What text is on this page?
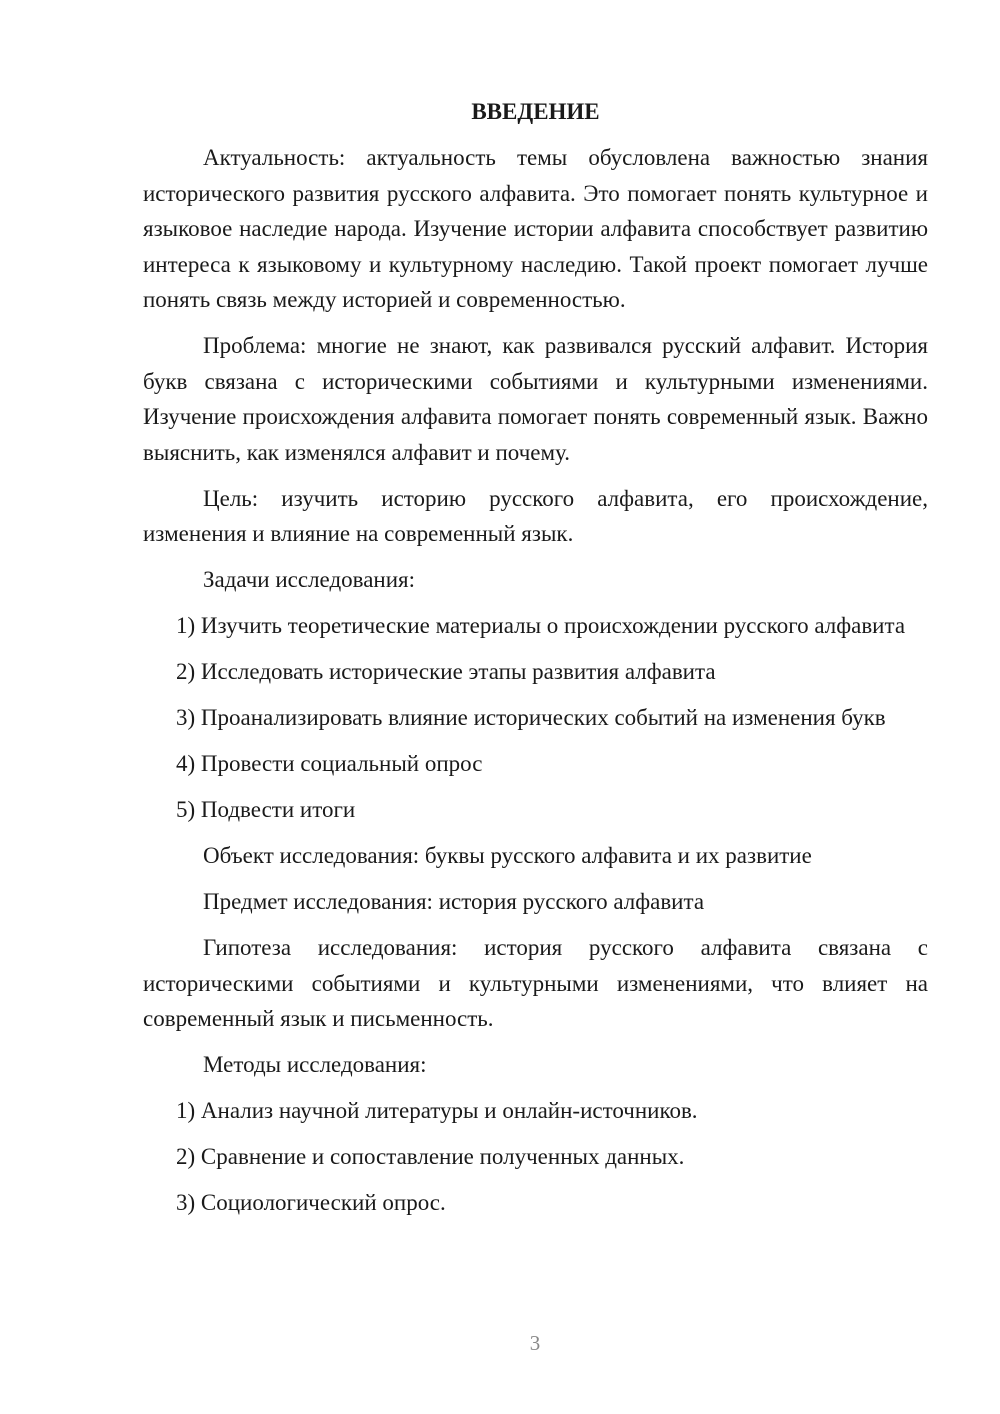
ВВЕДЕНИЕ

Актуальность: актуальность темы обусловлена важностью знания исторического развития русского алфавита. Это помогает понять культурное и языковое наследие народа. Изучение истории алфавита способствует развитию интереса к языковому и культурному наследию. Такой проект помогает лучше понять связь между историей и современностью.

Проблема: многие не знают, как развивался русский алфавит. История букв связана с историческими событиями и культурными изменениями. Изучение происхождения алфавита помогает понять современный язык. Важно выяснить, как изменялся алфавит и почему.

Цель: изучить историю русского алфавита, его происхождение, изменения и влияние на современный язык.

Задачи исследования:

1) Изучить теоретические материалы о происхождении русского алфавита

2) Исследовать исторические этапы развития алфавита

3) Проанализировать влияние исторических событий на изменения букв

4) Провести социальный опрос

5) Подвести итоги

Объект исследования: буквы русского алфавита и их развитие

Предмет исследования: история русского алфавита

Гипотеза исследования: история русского алфавита связана с историческими событиями и культурными изменениями, что влияет на современный язык и письменность.

Методы исследования:

1) Анализ научной литературы и онлайн-источников.

2) Сравнение и сопоставление полученных данных.

3) Социологический опрос.

3
